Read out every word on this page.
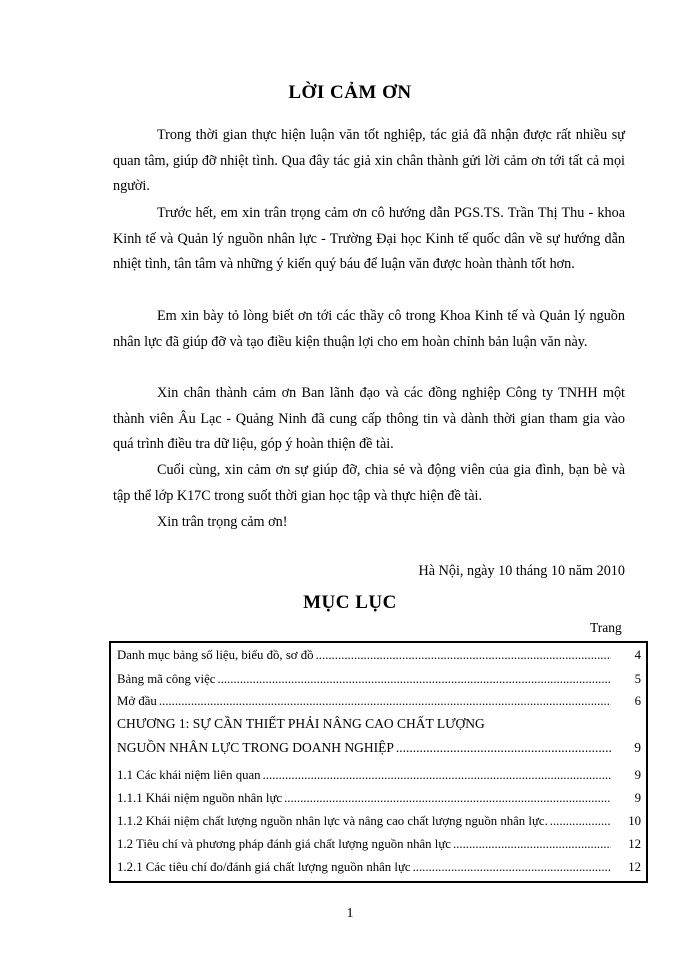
LỜI CẢM ƠN

Trong thời gian thực hiện luận văn tốt nghiệp, tác giả đã nhận được rất nhiều sự quan tâm, giúp đỡ nhiệt tình. Qua đây tác giả xin chân thành gửi lời cảm ơn tới tất cả mọi người.

Trước hết, em xin trân trọng cảm ơn cô hướng dẫn PGS.TS. Trần Thị Thu - khoa Kinh tế và Quản lý nguồn nhân lực - Trường Đại học Kinh tế quốc dân về sự hướng dẫn nhiệt tình, tân tâm và những ý kiến quý báu để luận văn được hoàn thành tốt hơn.

Em xin bày tỏ lòng biết ơn tới các thầy cô trong Khoa Kinh tế và Quản lý nguồn nhân lực đã giúp đỡ và tạo điều kiện thuận lợi cho em hoàn chỉnh bản luận văn này.

Xin chân thành cảm ơn Ban lãnh đạo và các đồng nghiệp Công ty TNHH một thành viên Âu Lạc - Quảng Ninh đã cung cấp thông tin và dành thời gian tham gia vào quá trình điều tra dữ liệu, góp ý hoàn thiện đề tài.

Cuối cùng, xin cảm ơn sự giúp đỡ, chia sẻ và động viên của gia đình, bạn bè và tập thể lớp K17C trong suốt thời gian học tập và thực hiện đề tài.

Xin trân trọng cảm ơn!

Hà Nội, ngày 10 tháng 10 năm 2010
MỤC LỤC
Trang
Danh mục bảng số liệu, biểu đồ, sơ đồ .....	4
Bảng mã công việc .....	5
Mở đầu .....	6
CHƯƠNG 1: SỰ CẦN THIẾT PHẢI NÂNG CAO CHẤT LƯỢNG
NGUỒN NHÂN LỰC TRONG DOANH NGHIỆP .....	9
1.1 Các khái niệm liên quan .....	9
1.1.1 Khái niệm nguồn nhân lực .....	9
1.1.2 Khái niệm chất lượng nguồn nhân lực và nâng cao chất lượng nguồn nhân lực. .....	10
1.2 Tiêu chí và phương pháp đánh giá chất lượng nguồn nhân lực .....	12
1.2.1 Các tiêu chí đo/đánh giá chất lượng nguồn nhân lực .....	12
1
